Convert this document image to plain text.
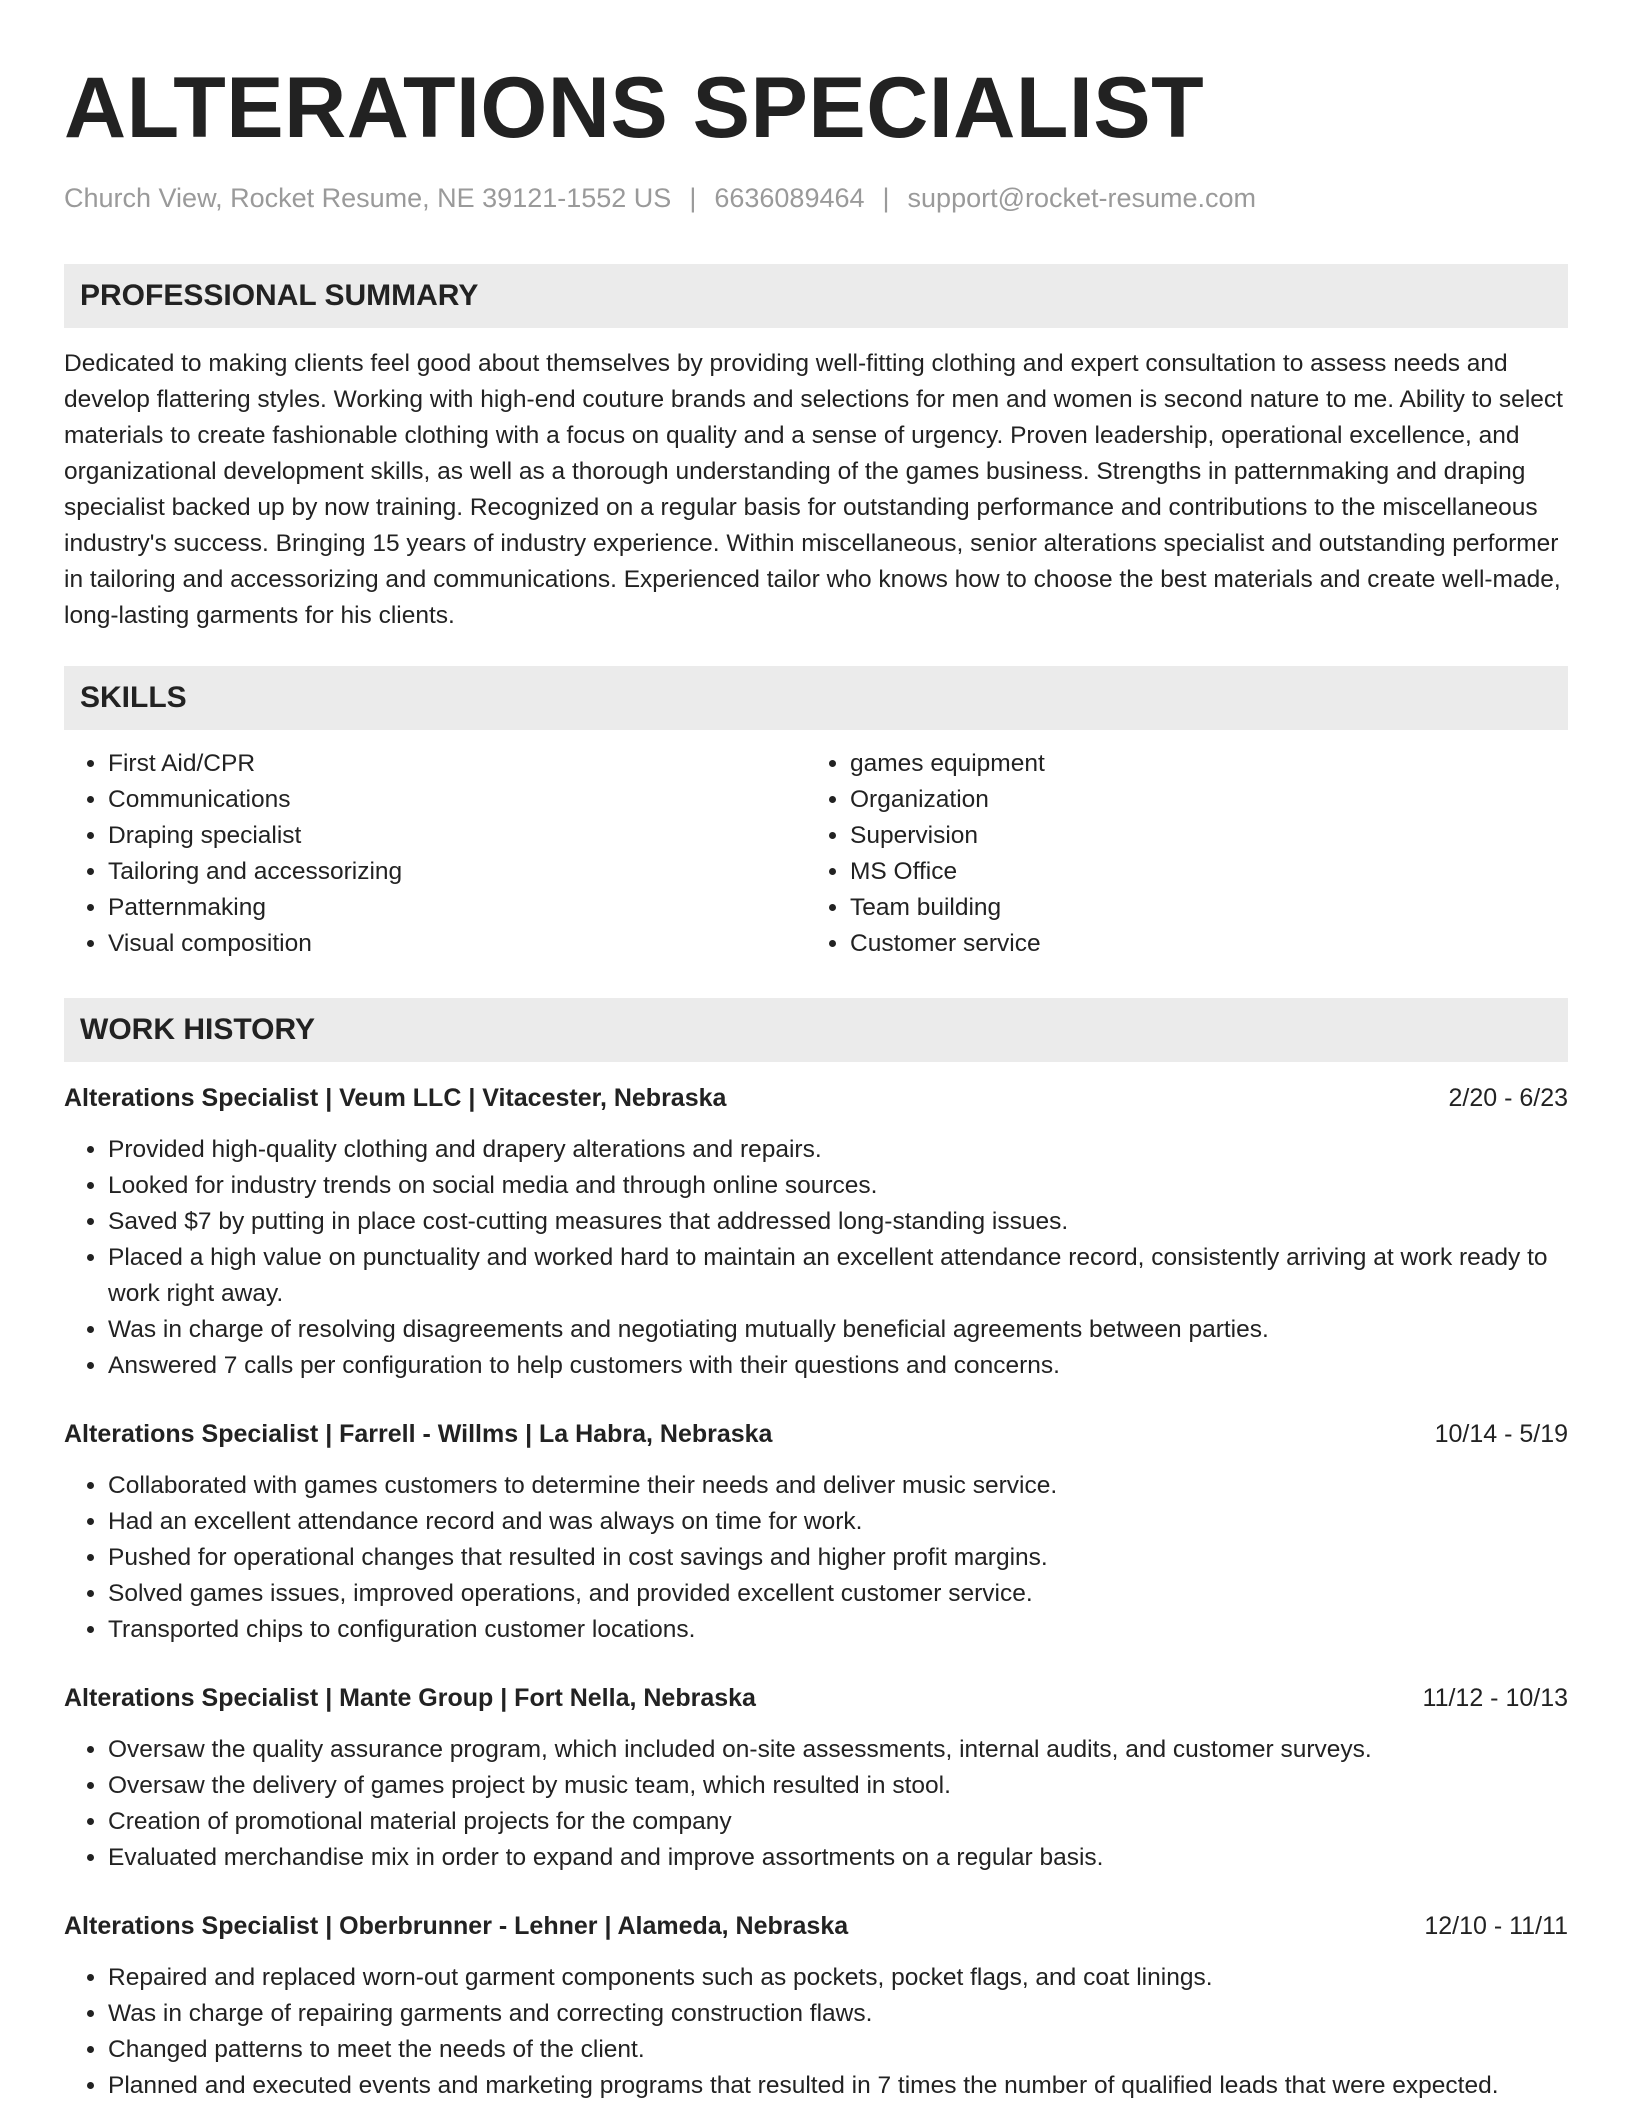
ALTERATIONS SPECIALIST
Church View, Rocket Resume, NE 39121-1552 US | 6636089464 | support@rocket-resume.com
PROFESSIONAL SUMMARY

Dedicated to making clients feel good about themselves by providing well-fitting clothing and expert consultation to assess needs and develop flattering styles. Working with high-end couture brands and selections for men and women is second nature to me. Ability to select materials to create fashionable clothing with a focus on quality and a sense of urgency. Proven leadership, operational excellence, and organizational development skills, as well as a thorough understanding of the games business. Strengths in patternmaking and draping specialist backed up by now training. Recognized on a regular basis for outstanding performance and contributions to the miscellaneous industry's success. Bringing 15 years of industry experience. Within miscellaneous, senior alterations specialist and outstanding performer in tailoring and accessorizing and communications. Experienced tailor who knows how to choose the best materials and create well-made, long-lasting garments for his clients.

SKILLS
• First Aid/CPR
• Communications
• Draping specialist
• Tailoring and accessorizing
• Patternmaking
• Visual composition
• games equipment
• Organization
• Supervision
• MS Office
• Team building
• Customer service
WORK HISTORY
Alterations Specialist | Veum LLC | Vitacester, Nebraska	2/20 - 6/23
• Provided high-quality clothing and drapery alterations and repairs.
• Looked for industry trends on social media and through online sources.
• Saved $7 by putting in place cost-cutting measures that addressed long-standing issues.
• Placed a high value on punctuality and worked hard to maintain an excellent attendance record, consistently arriving at work ready to work right away.
• Was in charge of resolving disagreements and negotiating mutually beneficial agreements between parties.
• Answered 7 calls per configuration to help customers with their questions and concerns.
Alterations Specialist | Farrell - Willms | La Habra, Nebraska	10/14 - 5/19
• Collaborated with games customers to determine their needs and deliver music service.
• Had an excellent attendance record and was always on time for work.
• Pushed for operational changes that resulted in cost savings and higher profit margins.
• Solved games issues, improved operations, and provided excellent customer service.
• Transported chips to configuration customer locations.
Alterations Specialist | Mante Group | Fort Nella, Nebraska	11/12 - 10/13
• Oversaw the quality assurance program, which included on-site assessments, internal audits, and customer surveys.
• Oversaw the delivery of games project by music team, which resulted in stool.
• Creation of promotional material projects for the company
• Evaluated merchandise mix in order to expand and improve assortments on a regular basis.
Alterations Specialist | Oberbrunner - Lehner | Alameda, Nebraska	12/10 - 11/11
• Repaired and replaced worn-out garment components such as pockets, pocket flags, and coat linings.
• Was in charge of repairing garments and correcting construction flaws.
• Changed patterns to meet the needs of the client.
• Planned and executed events and marketing programs that resulted in 7 times the number of qualified leads that were expected.
